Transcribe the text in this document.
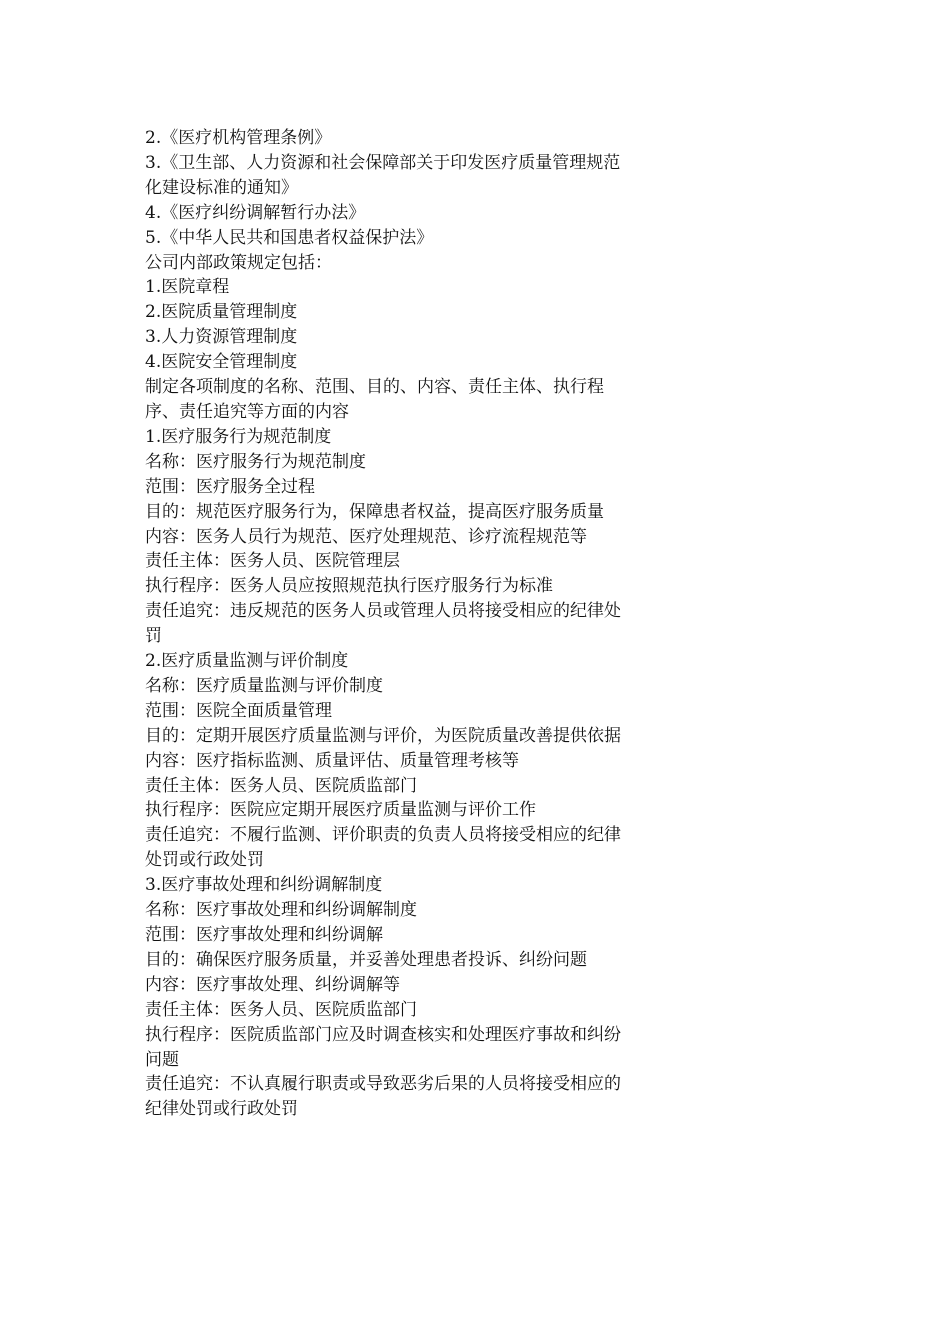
2.《医疗机构管理条例》

3.《卫生部、人力资源和社会保障部关于印发医疗质量管理规范化建设标准的通知》

4.《医疗纠纷调解暂行办法》

5.《中华人民共和国患者权益保护法》

公司内部政策规定包括：

1.医院章程

2.医院质量管理制度

3.人力资源管理制度

4.医院安全管理制度

制定各项制度的名称、范围、目的、内容、责任主体、执行程序、责任追究等方面的内容

1.医疗服务行为规范制度

名称：医疗服务行为规范制度

范围：医疗服务全过程

目的：规范医疗服务行为，保障患者权益，提高医疗服务质量

内容：医务人员行为规范、医疗处理规范、诊疗流程规范等

责任主体：医务人员、医院管理层

执行程序：医务人员应按照规范执行医疗服务行为标准

责任追究：违反规范的医务人员或管理人员将接受相应的纪律处罚

2.医疗质量监测与评价制度

名称：医疗质量监测与评价制度

范围：医院全面质量管理

目的：定期开展医疗质量监测与评价，为医院质量改善提供依据

内容：医疗指标监测、质量评估、质量管理考核等

责任主体：医务人员、医院质监部门

执行程序：医院应定期开展医疗质量监测与评价工作

责任追究：不履行监测、评价职责的负责人员将接受相应的纪律处罚或行政处罚

3.医疗事故处理和纠纷调解制度

名称：医疗事故处理和纠纷调解制度

范围：医疗事故处理和纠纷调解

目的：确保医疗服务质量，并妥善处理患者投诉、纠纷问题

内容：医疗事故处理、纠纷调解等

责任主体：医务人员、医院质监部门

执行程序：医院质监部门应及时调查核实和处理医疗事故和纠纷问题

责任追究：不认真履行职责或导致恶劣后果的人员将接受相应的纪律处罚或行政处罚
